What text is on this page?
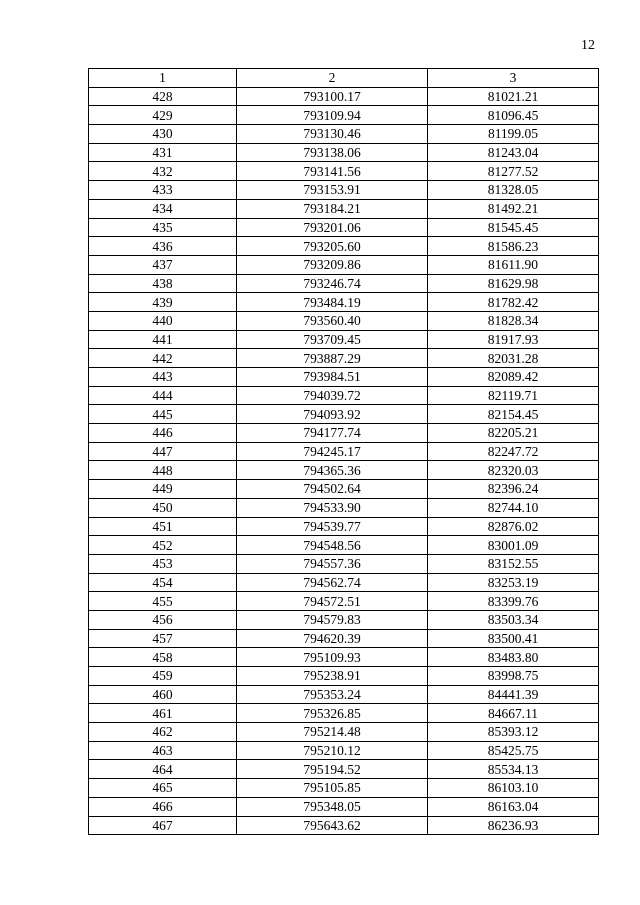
12
1	2	3
428	793100.17	81021.21
429	793109.94	81096.45
430	793130.46	81199.05
431	793138.06	81243.04
432	793141.56	81277.52
433	793153.91	81328.05
434	793184.21	81492.21
435	793201.06	81545.45
436	793205.60	81586.23
437	793209.86	81611.90
438	793246.74	81629.98
439	793484.19	81782.42
440	793560.40	81828.34
441	793709.45	81917.93
442	793887.29	82031.28
443	793984.51	82089.42
444	794039.72	82119.71
445	794093.92	82154.45
446	794177.74	82205.21
447	794245.17	82247.72
448	794365.36	82320.03
449	794502.64	82396.24
450	794533.90	82744.10
451	794539.77	82876.02
452	794548.56	83001.09
453	794557.36	83152.55
454	794562.74	83253.19
455	794572.51	83399.76
456	794579.83	83503.34
457	794620.39	83500.41
458	795109.93	83483.80
459	795238.91	83998.75
460	795353.24	84441.39
461	795326.85	84667.11
462	795214.48	85393.12
463	795210.12	85425.75
464	795194.52	85534.13
465	795105.85	86103.10
466	795348.05	86163.04
467	795643.62	86236.93
